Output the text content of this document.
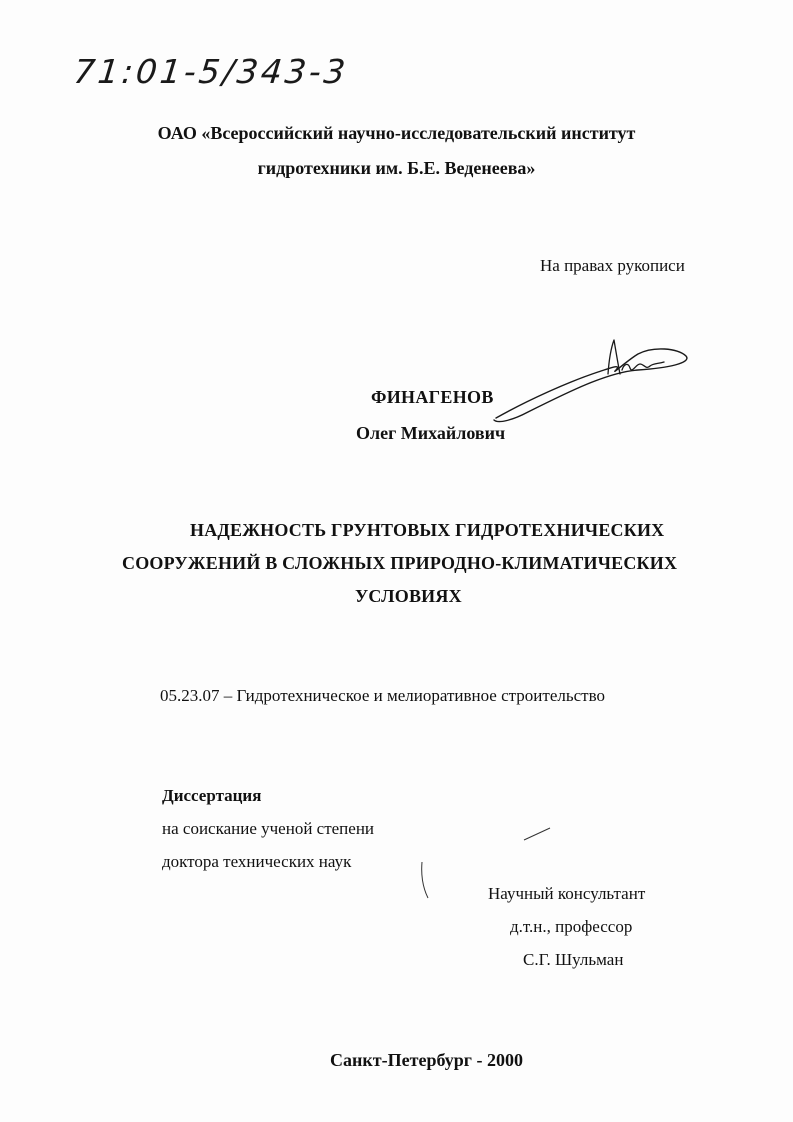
71:01-5/343-3
ОАО «Всероссийский научно-исследовательский институт
гидротехники им. Б.Е. Веденеева»
На правах рукописи
ФИНАГЕНОВ
Олег Михайлович
НАДЕЖНОСТЬ ГРУНТОВЫХ ГИДРОТЕХНИЧЕСКИХ
СООРУЖЕНИЙ В СЛОЖНЫХ ПРИРОДНО-КЛИМАТИЧЕСКИХ
УСЛОВИЯХ
05.23.07 – Гидротехническое и мелиоративное строительство
Диссертация
на соискание ученой степени
доктора технических наук
Научный консультант
д.т.н., профессор
С.Г. Шульман
Санкт-Петербург - 2000
